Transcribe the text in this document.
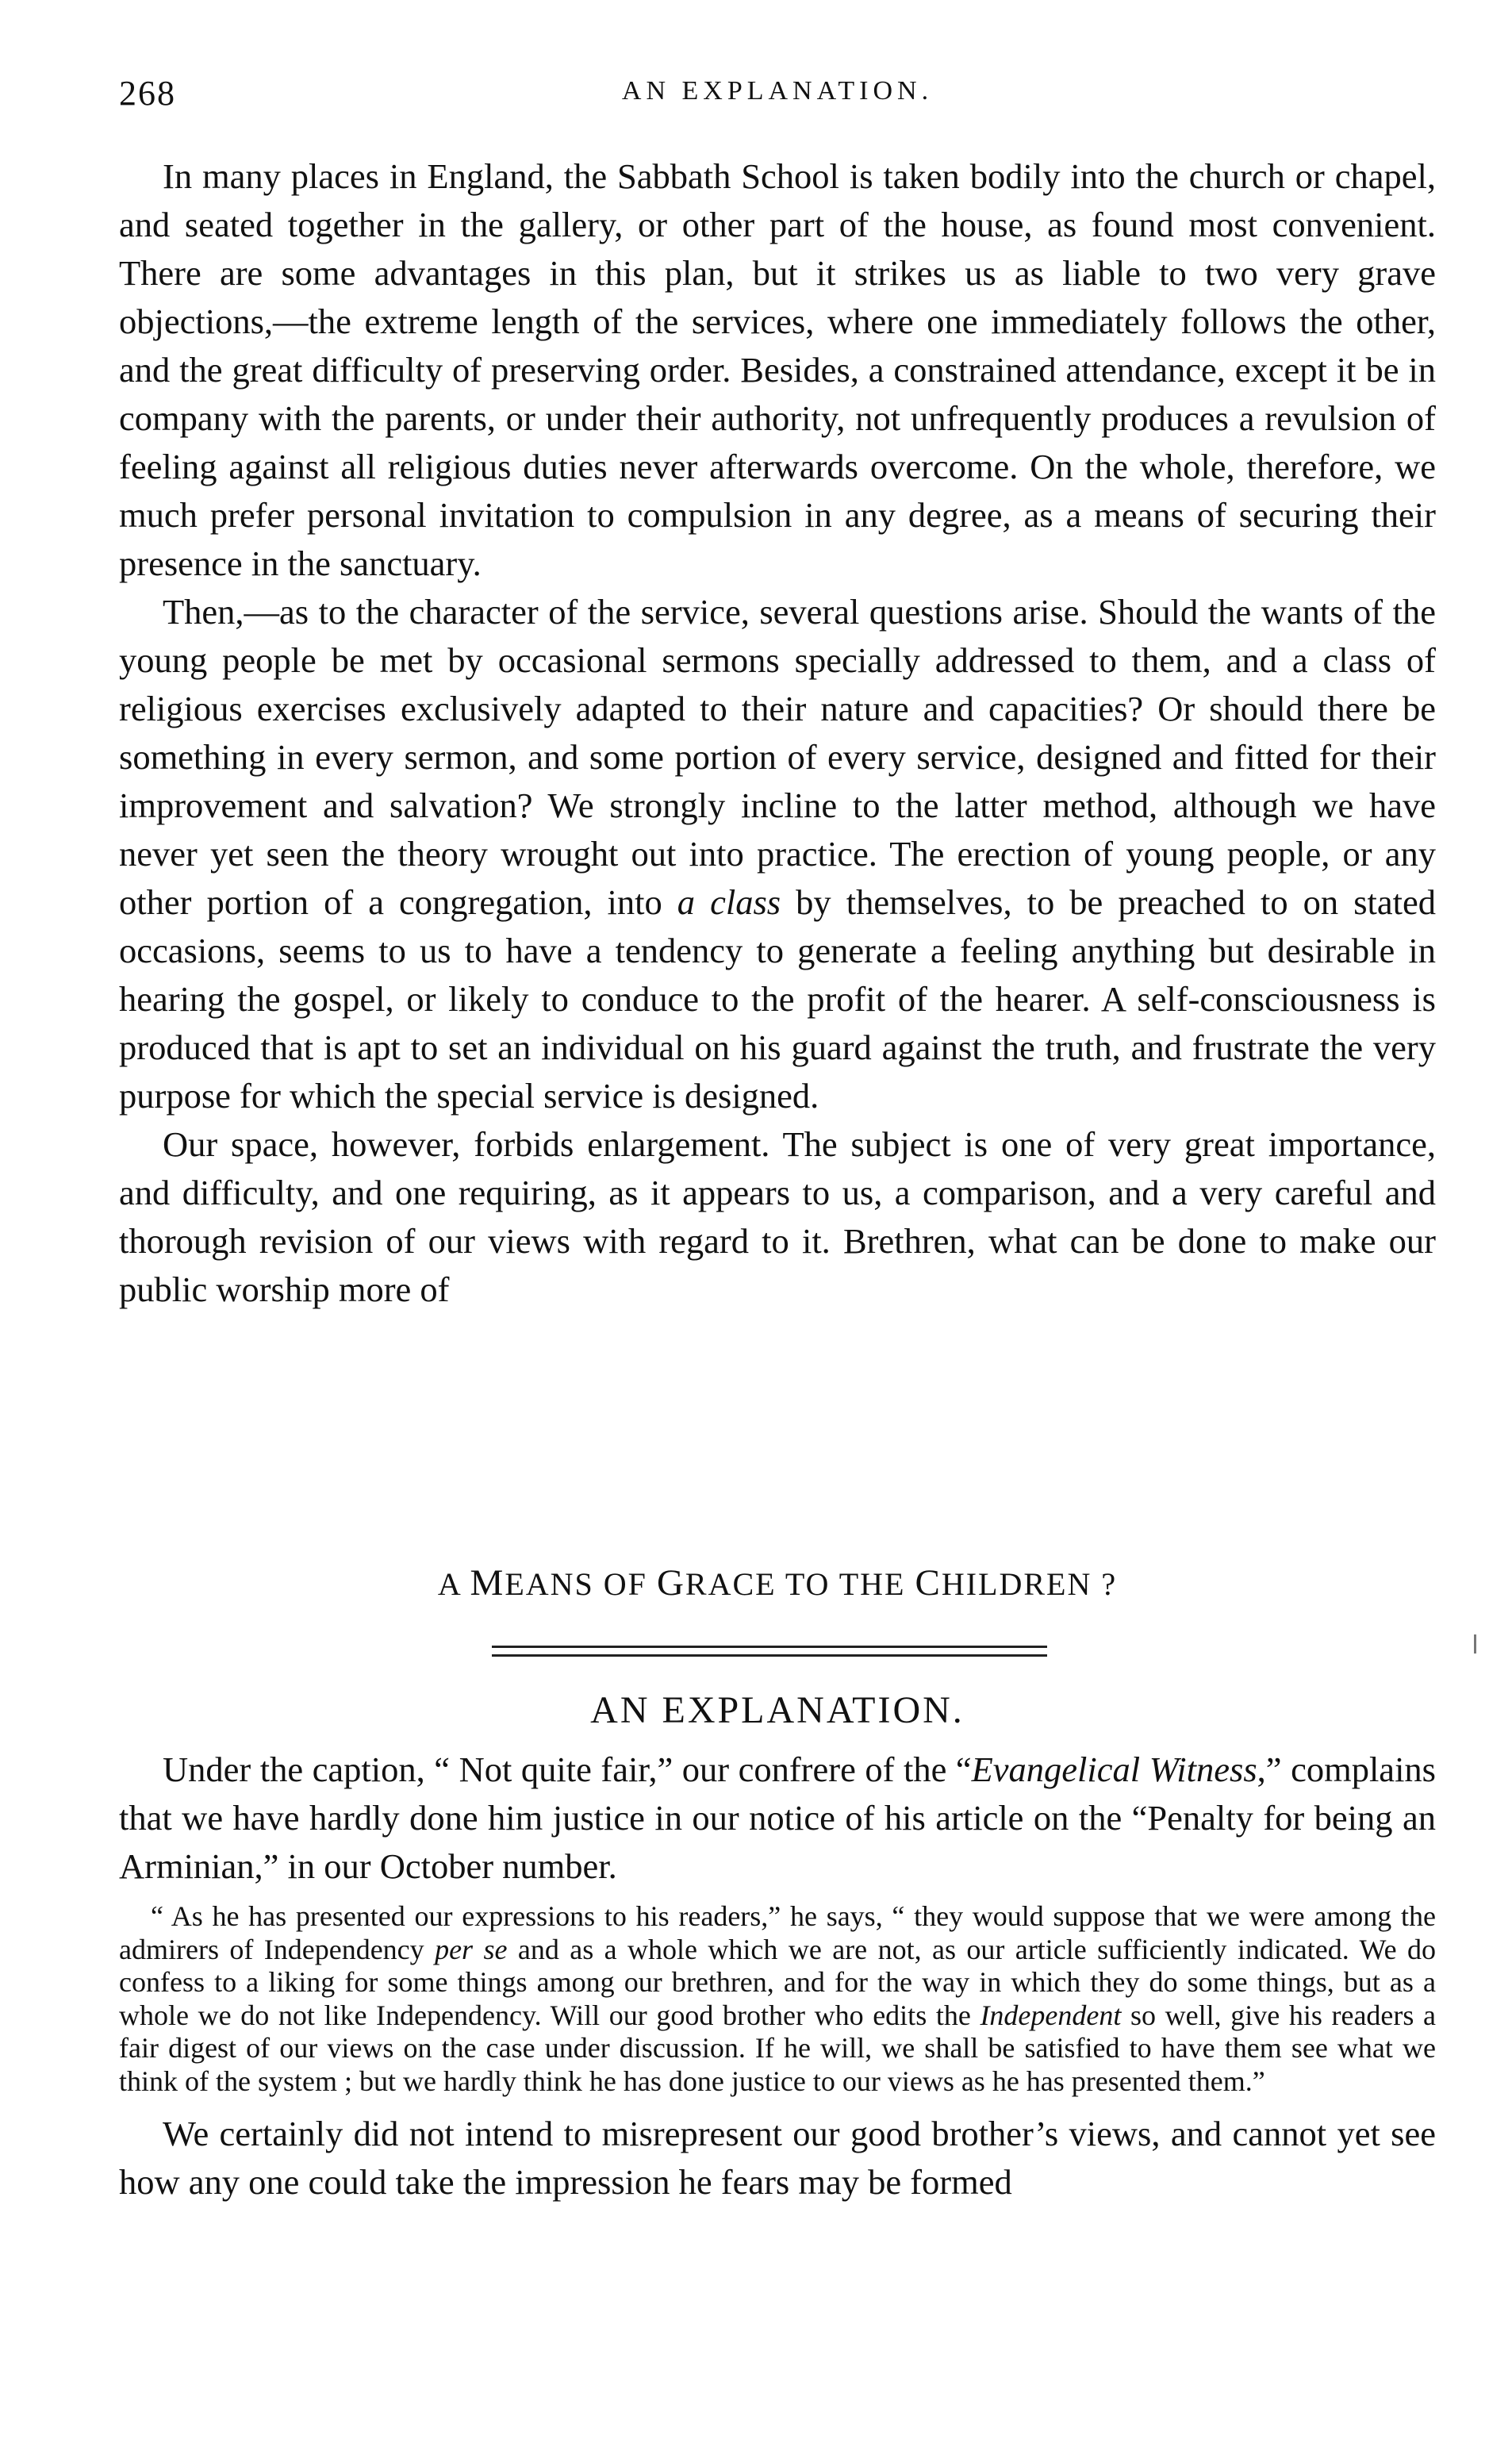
268	AN EXPLANATION.

In many places in England, the Sabbath School is taken bodily into the church or chapel, and seated together in the gallery, or other part of the house, as found most convenient. There are some advantages in this plan, but it strikes us as liable to two very grave objections,—the extreme length of the services, where one immediately follows the other, and the great difficulty of preserving order. Besides, a constrained attendance, except it be in company with the parents, or under their authority, not unfrequently produces a revulsion of feeling against all religious duties never afterwards overcome. On the whole, therefore, we much prefer personal invitation to compulsion in any degree, as a means of securing their presence in the sanctuary.

Then,—as to the character of the service, several questions arise. Should the wants of the young people be met by occasional sermons specially addressed to them, and a class of religious exercises exclusively adapted to their nature and capacities? Or should there be something in every sermon, and some portion of every service, designed and fitted for their improvement and salvation? We strongly incline to the latter method, although we have never yet seen the theory wrought out into practice. The erection of young people, or any other portion of a congregation, into a class by themselves, to be preached to on stated occasions, seems to us to have a tendency to generate a feeling anything but desirable in hearing the gospel, or likely to conduce to the profit of the hearer. A self-consciousness is produced that is apt to set an individual on his guard against the truth, and frustrate the very purpose for which the special service is designed.

Our space, however, forbids enlargement. The subject is one of very great importance, and difficulty, and one requiring, as it appears to us, a comparison, and a very careful and thorough revision of our views with regard to it. Brethren, what can be done to make our public worship more of

A MEANS OF GRACE TO THE CHILDREN ?
AN EXPLANATION.

Under the caption, “ Not quite fair,” our confrere of the “Evangelical Witness,” complains that we have hardly done him justice in our notice of his article on the “Penalty for being an Arminian,” in our October number.

“ As he has presented our expressions to his readers,” he says, “ they would suppose that we were among the admirers of Independency per se and as a whole which we are not, as our article sufficiently indicated. We do confess to a liking for some things among our brethren, and for the way in which they do some things, but as a whole we do not like Independency. Will our good brother who edits the Independent so well, give his readers a fair digest of our views on the case under discussion. If he will, we shall be satisfied to have them see what we think of the system ; but we hardly think he has done justice to our views as he has presented them.”

We certainly did not intend to misrepresent our good brother’s views, and cannot yet see how any one could take the impression he fears may be formed
